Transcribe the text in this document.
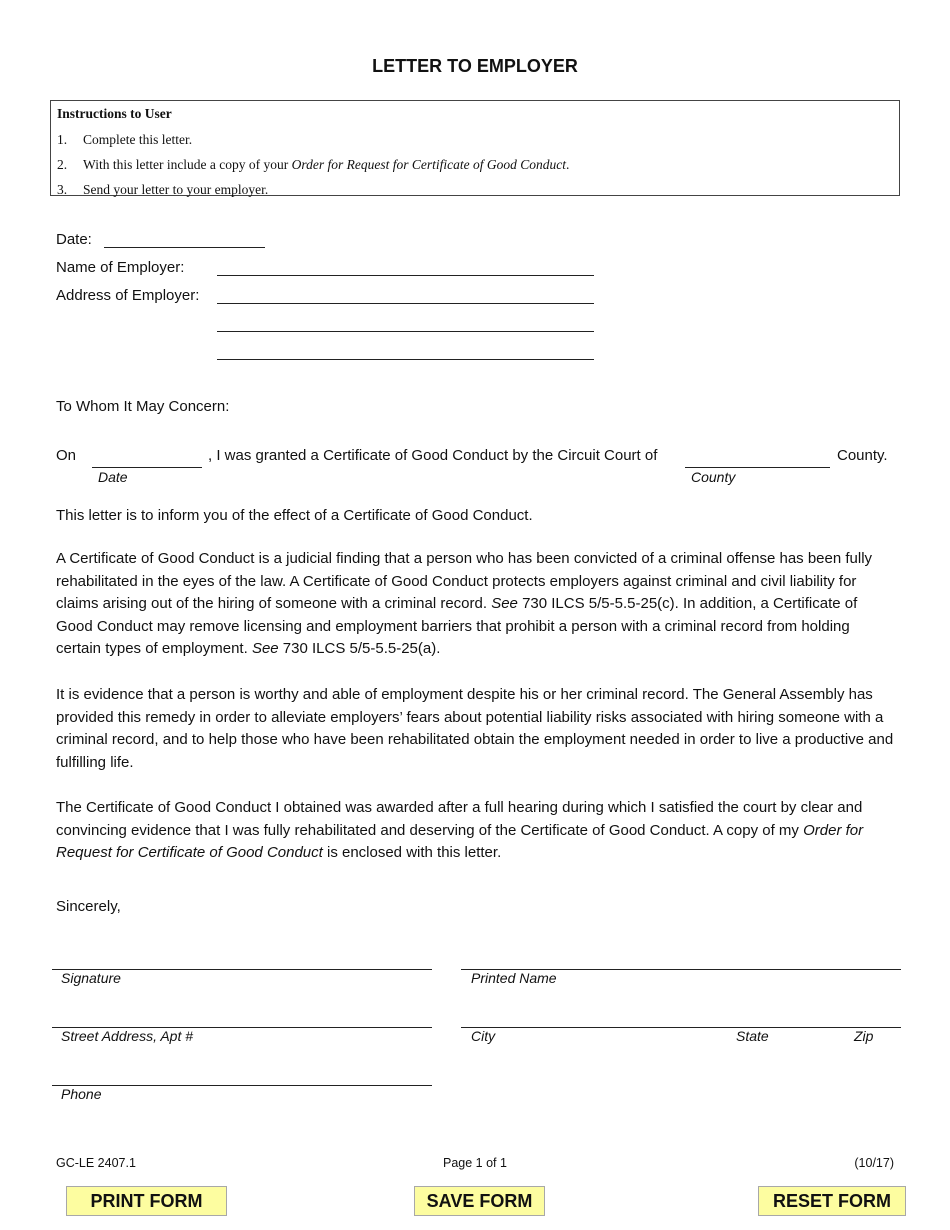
LETTER TO EMPLOYER
Instructions to User
1. Complete this letter.
2. With this letter include a copy of your Order for Request for Certificate of Good Conduct.
3. Send your letter to your employer.
Date:
Name of Employer:
Address of Employer:
To Whom It May Concern:
On	, I was granted a Certificate of Good Conduct by the Circuit Court of	County.
Date	County
This letter is to inform you of the effect of a Certificate of Good Conduct.
A Certificate of Good Conduct is a judicial finding that a person who has been convicted of a criminal offense has been fully rehabilitated in the eyes of the law. A Certificate of Good Conduct protects employers against criminal and civil liability for claims arising out of the hiring of someone with a criminal record. See 730 ILCS 5/5-5.5-25(c). In addition, a Certificate of Good Conduct may remove licensing and employment barriers that prohibit a person with a criminal record from holding certain types of employment. See 730 ILCS 5/5-5.5-25(a).
It is evidence that a person is worthy and able of employment despite his or her criminal record. The General Assembly has provided this remedy in order to alleviate employers’ fears about potential liability risks associated with hiring someone with a criminal record, and to help those who have been rehabilitated obtain the employment needed in order to live a productive and fulfilling life.
The Certificate of Good Conduct I obtained was awarded after a full hearing during which I satisfied the court by clear and convincing evidence that I was fully rehabilitated and deserving of the Certificate of Good Conduct. A copy of my Order for Request for Certificate of Good Conduct is enclosed with this letter.
Sincerely,
Signature	Printed Name
Street Address, Apt #	City	State	Zip
Phone
GC-LE 2407.1	Page 1 of 1	(10/17)
PRINT FORM	SAVE FORM	RESET FORM
